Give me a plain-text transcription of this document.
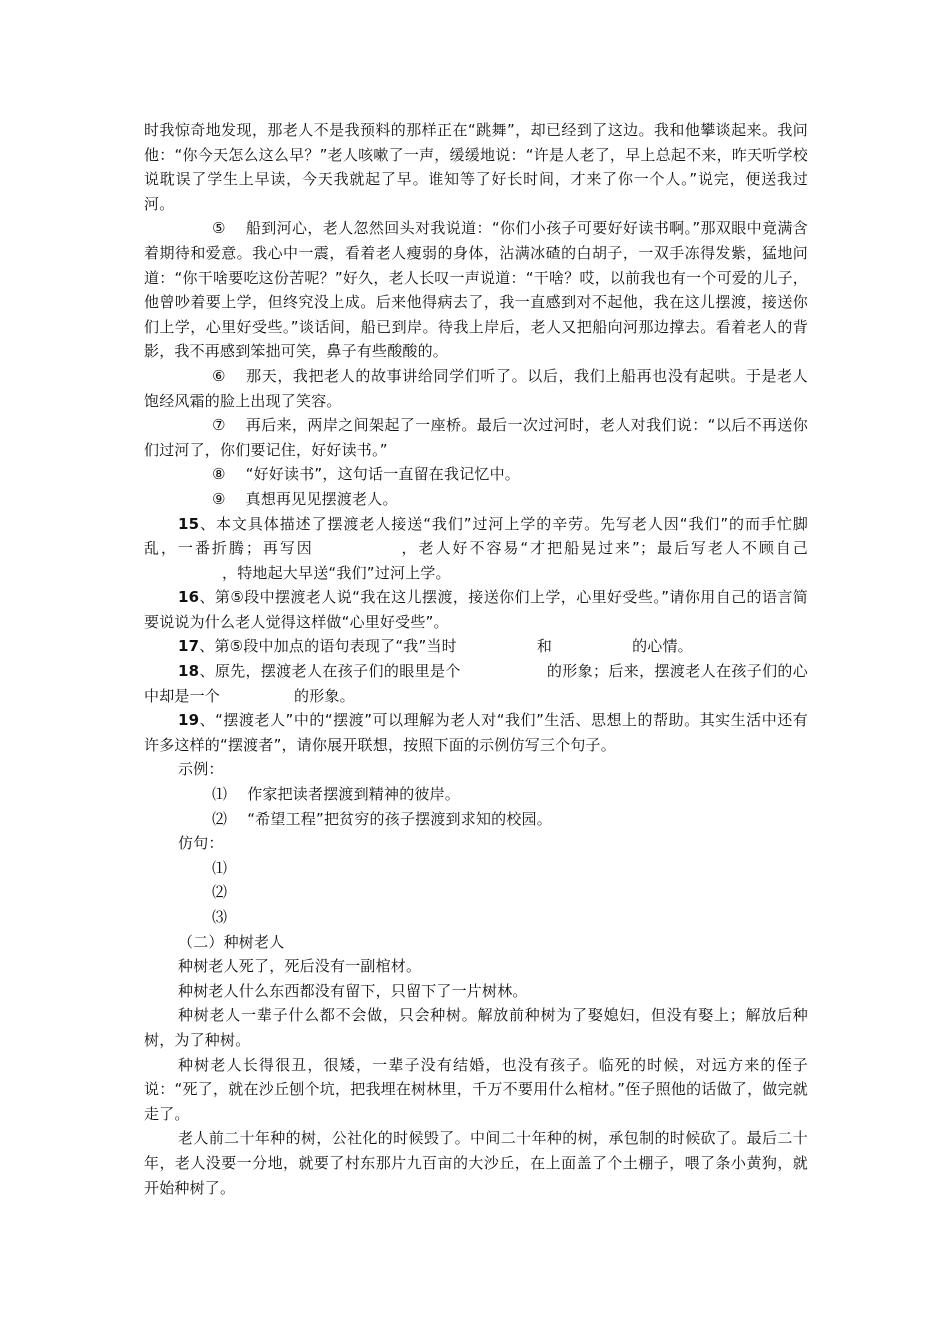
时我惊奇地发现，那老人不是我预料的那样正在“跳舞”，却已经到了这边。我和他攀谈起来。我问他：“你今天怎么这么早？”老人咳嗽了一声，缓缓地说：“许是人老了，早上总起不来，昨天听学校说耽误了学生上早读，今天我就起了早。谁知等了好长时间，才来了你一个人。”说完，便送我过河。

⑤ 船到河心，老人忽然回头对我说道：“你们小孩子可要好好读书啊。”那双眼中竟满含着期待和爱意。我心中一震，看着老人瘦弱的身体，沾满冰碴的白胡子，一双手冻得发紫，猛地问道：“你干啥要吃这份苦呢？”好久，老人长叹一声说道：“干啥？哎，以前我也有一个可爱的儿子，他曾吵着要上学，但终究没上成。后来他得病去了，我一直感到对不起他，我在这儿摆渡，接送你们上学，心里好受些。”谈话间，船已到岸。待我上岸后，老人又把船向河那边撑去。看着老人的背影，我不再感到笨拙可笑，鼻子有些酸酸的。

⑥ 那天，我把老人的故事讲给同学们听了。以后，我们上船再也没有起哄。于是老人饱经风霜的脸上出现了笑容。

⑦ 再后来，两岸之间架起了一座桥。最后一次过河时，老人对我们说：“以后不再送你们过河了，你们要记住，好好读书。”

⑧ “好好读书”，这句话一直留在我记忆中。

⑨ 真想再见见摆渡老人。

15、本文具体描述了摆渡老人接送“我们”过河上学的辛劳。先写老人因“我们”的而手忙脚乱，一番折腾；再写因	，老人好不容易“才把船晃过来”；最后写老人不顾自己，特地起大早送“我们”过河上学。

16、第⑤段中摆渡老人说“我在这儿摆渡，接送你们上学，心里好受些。”请你用自己的语言简要说说为什么老人觉得这样做“心里好受些”。

17、第⑤段中加点的语句表现了“我”当时	和	的心情。

18、原先，摆渡老人在孩子们的眼里是个	的形象；后来，摆渡老人在孩子们的心中却是一个	的形象。

19、“摆渡老人”中的“摆渡”可以理解为老人对“我们”生活、思想上的帮助。其实生活中还有许多这样的“摆渡者”，请你展开联想，按照下面的示例仿写三个句子。

示例：

⑴ 作家把读者摆渡到精神的彼岸。

⑵ “希望工程”把贫穷的孩子摆渡到求知的校园。

仿句：

⑴

⑵

⑶

（二）种树老人

种树老人死了，死后没有一副棺材。

种树老人什么东西都没有留下，只留下了一片树林。

种树老人一辈子什么都不会做，只会种树。解放前种树为了娶媳妇，但没有娶上；解放后种树，为了种树。

种树老人长得很丑，很矮，一辈子没有结婚，也没有孩子。临死的时候，对远方来的侄子说：“死了，就在沙丘刨个坑，把我埋在树林里，千万不要用什么棺材。”侄子照他的话做了，做完就走了。

老人前二十年种的树，公社化的时候毁了。中间二十年种的树，承包制的时候砍了。最后二十年，老人没要一分地，就要了村东那片九百亩的大沙丘，在上面盖了个土棚子，喂了条小黄狗，就开始种树了。
